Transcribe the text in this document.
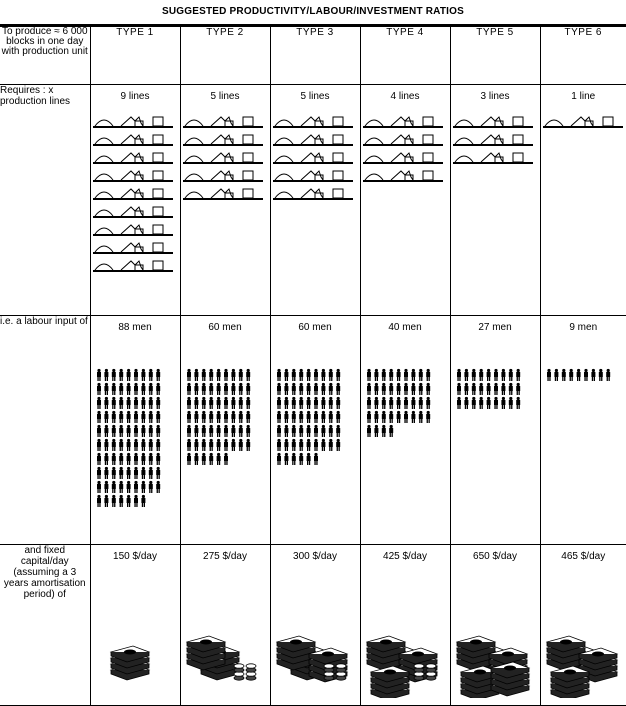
SUGGESTED PRODUCTIVITY/LABOUR/INVESTMENT RATIOS
To produce ≈ 6 000 blocks in one day with production unit	TYPE 1	TYPE 2	TYPE 3	TYPE 4	TYPE 5	TYPE 6
Requires : x production lines	9 lines	5 lines	5 lines	4 lines	3 lines	1 line

i.e. a labour input of	88 men	60 men	60 men	40 men	27 men	9 men

and fixed capital/day (assuming a 3 years amortisation period) of	150 $/day	275 $/day	300 $/day	425 $/day	650 $/day	465 $/day
